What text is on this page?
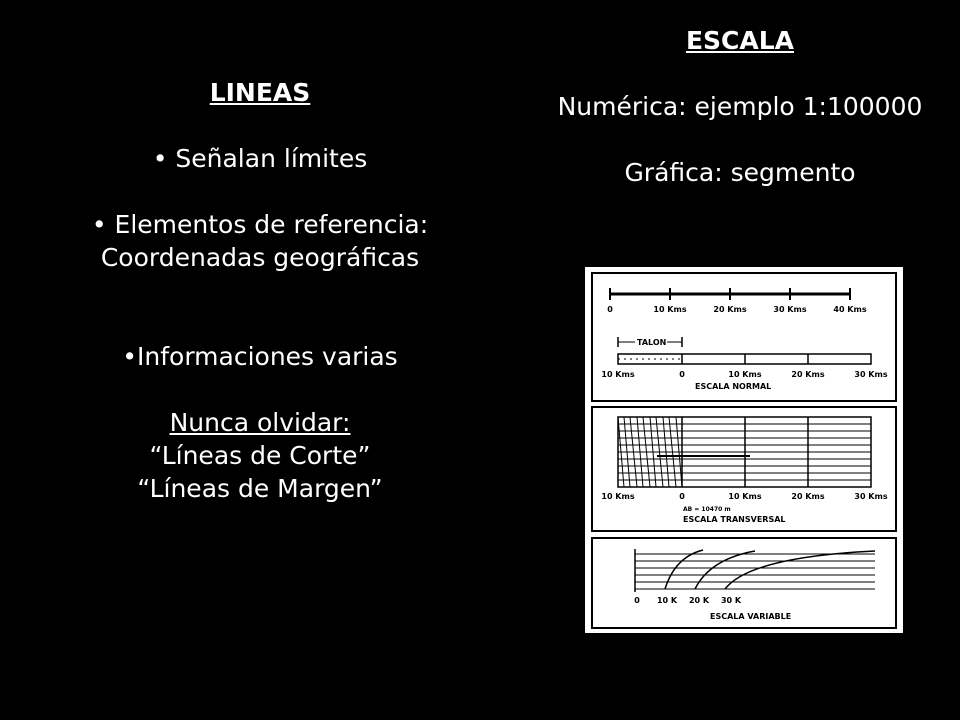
LINEAS
• Señalan límites
• Elementos de referencia:
Coordenadas geográficas
•Informaciones varias
Nunca olvidar:
“Líneas de Corte”
“Líneas de Margen”
ESCALA
Numérica: ejemplo 1:100000
Gráfica: segmento
0	10 Kms	20 Kms	30 Kms	40 Kms
TALON
10 Kms	0	10 Kms	20 Kms	30 Kms
ESCALA NORMAL
10 Kms	0	10 Kms	20 Kms	30 Kms
AB = 10470 m
ESCALA TRANSVERSAL
0 10 K 20 K 30 K
ESCALA VARIABLE
